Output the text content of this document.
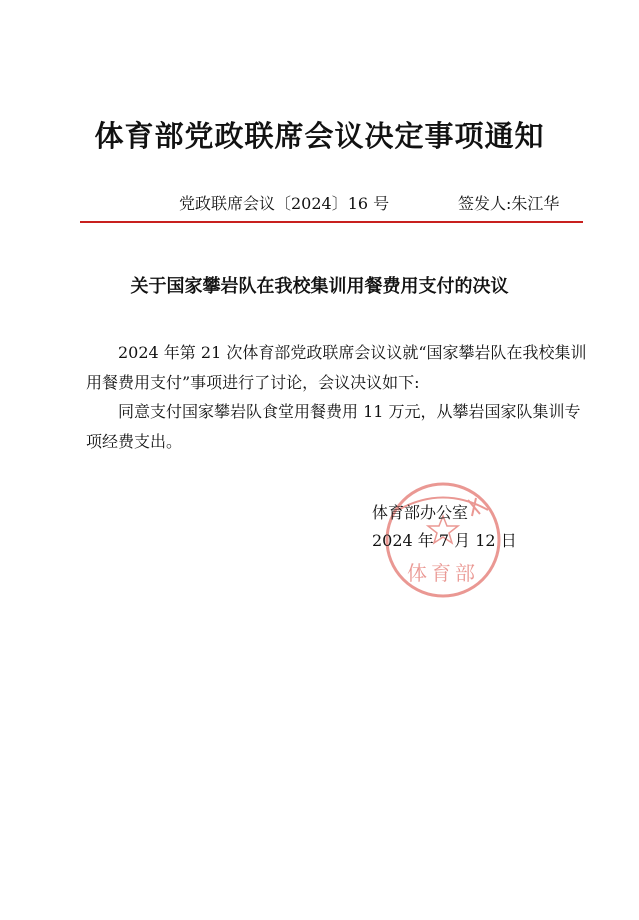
体育部党政联席会议决定事项通知
党政联席会议〔2024〕16 号	签发人:朱江华
关于国家攀岩队在我校集训用餐费用支付的决议

2024 年第 21 次体育部党政联席会议议就“国家攀岩队在我校集训用餐费用支付”事项进行了讨论，会议决议如下:

同意支付国家攀岩队食堂用餐费用 11 万元，从攀岩国家队集训专项经费支出。

体育部
体育部办公室
2024 年 7 月 12 日
